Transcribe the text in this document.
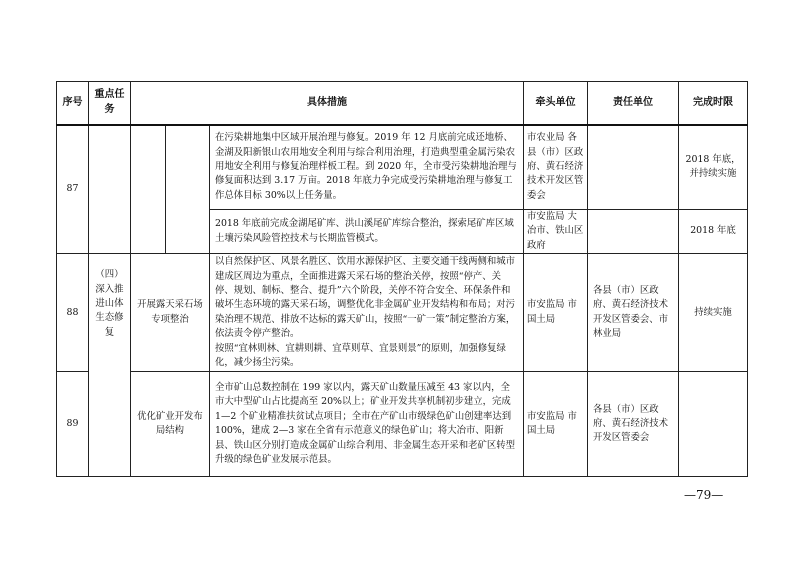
序号	重点任务	具体措施			牵头单位	责任单位	完成时限
87				在污染耕地集中区域开展治理与修复。2019 年 12 月底前完成还地桥、金湖及阳新银山农用地安全利用与综合利用治理，打造典型重金属污染农用地安全利用与修复治理样板工程。到 2020 年，全市受污染耕地治理与修复面积达到 3.17 万亩。2018 年底力争完成受污染耕地治理与修复工作总体目标 30%以上任务量。	市农业局 各县（市）区政府、黄石经济技术开发区管委会		2018 年底，并持续实施
				2018 年底前完成金湖尾矿库、洪山溪尾矿库综合整治，探索尾矿库区域土壤污染风险管控技术与长期监管模式。	市安监局 大冶市、铁山区政府		2018 年底
88	（四）深入推进山体生态修复	开展露天采石场专项整治		以自然保护区、风景名胜区、饮用水源保护区、主要交通干线两侧和城市建成区周边为重点，全面推进露天采石场的整治关停，按照“停产、关停、规划、制标、整合、提升”六个阶段，关停不符合安全、环保条件和破坏生态环境的露天采石场，调整优化非金属矿业开发结构和布局；对污染治理不规范、排放不达标的露天矿山，按照“一矿一策”制定整治方案，依法责令停产整治。
按照“宜林则林、宜耕则耕、宜草则草、宜景则景”的原则，加强修复绿化，减少扬尘污染。	市安监局 市国土局	各县（市）区政府、黄石经济技术开发区管委会、市林业局	持续实施
89		优化矿业开发布局结构		全市矿山总数控制在 199 家以内，露天矿山数量压减至 43 家以内，全市大中型矿山占比提高至 20%以上；矿业开发共享机制初步建立，完成 1—2 个矿业精准扶贫试点项目；全市在产矿山市级绿色矿山创建率达到 100%，建成 2—3 家在全省有示范意义的绿色矿山；将大冶市、阳新县、铁山区分别打造成金属矿山综合利用、非金属生态开采和老矿区转型升级的绿色矿业发展示范县。	市安监局 市国土局	各县（市）区政府、黄石经济技术开发区管委会	
—79—
